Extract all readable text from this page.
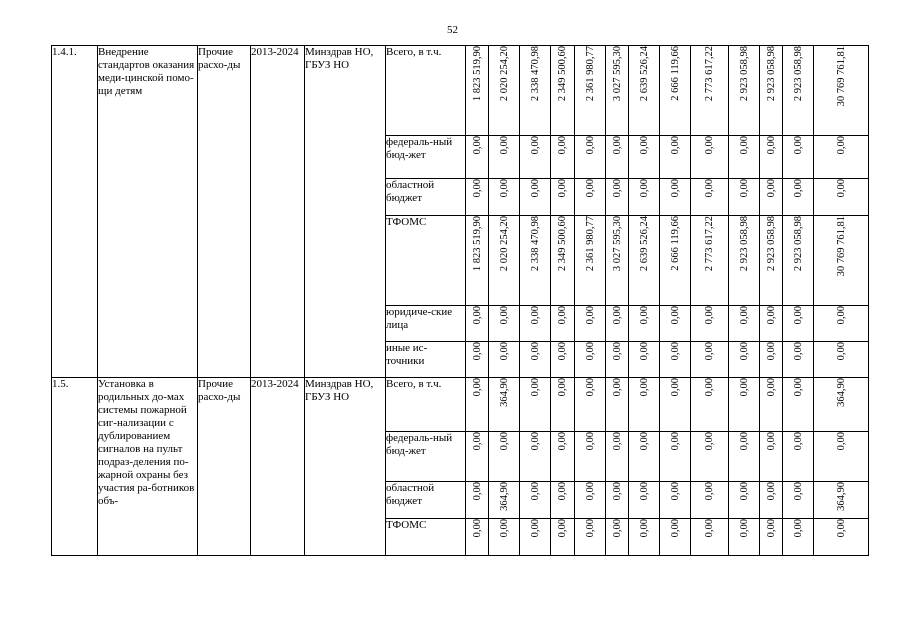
52
1.4.1.	Внедрение стандартов оказания меди-цинской помо-щи детям	Прочие расхо-ды	2013-2024	Минздрав НО, ГБУЗ НО	Всего, в т.ч.	1 823 519,90	2 020 254,20	2 338 470,98	2 349 500,60	2 361 980,77	3 027 595,30	2 639 526,24	2 666 119,66	2 773 617,22	2 923 058,98	2 923 058,98	2 923 058,98	30 769 761,81
					федераль-ный бюд-жет	0,00	0,00	0,00	0,00	0,00	0,00	0,00	0,00	0,00	0,00	0,00	0,00	0,00
					областной бюджет	0,00	0,00	0,00	0,00	0,00	0,00	0,00	0,00	0,00	0,00	0,00	0,00	0,00
					ТФОМС	1 823 519,90	2 020 254,20	2 338 470,98	2 349 500,60	2 361 980,77	3 027 595,30	2 639 526,24	2 666 119,66	2 773 617,22	2 923 058,98	2 923 058,98	2 923 058,98	30 769 761,81
					юридиче-ские лица	0,00	0,00	0,00	0,00	0,00	0,00	0,00	0,00	0,00	0,00	0,00	0,00	0,00
					иные ис-точники	0,00	0,00	0,00	0,00	0,00	0,00	0,00	0,00	0,00	0,00	0,00	0,00	0,00
1.5.	Установка в родильных до-мах системы пожарной сиг-нализации с дублированием сигналов на пульт подраз-деления по-жарной охраны без участия ра-ботников объ-	Прочие расхо-ды	2013-2024	Минздрав НО, ГБУЗ НО	Всего, в т.ч.	0,00	364,90	0,00	0,00	0,00	0,00	0,00	0,00	0,00	0,00	0,00	0,00	364,90
					федераль-ный бюд-жет	0,00	0,00	0,00	0,00	0,00	0,00	0,00	0,00	0,00	0,00	0,00	0,00	0,00
					областной бюджет	0,00	364,90	0,00	0,00	0,00	0,00	0,00	0,00	0,00	0,00	0,00	0,00	364,90
					ТФОМС	0,00	0,00	0,00	0,00	0,00	0,00	0,00	0,00	0,00	0,00	0,00	0,00	0,00
